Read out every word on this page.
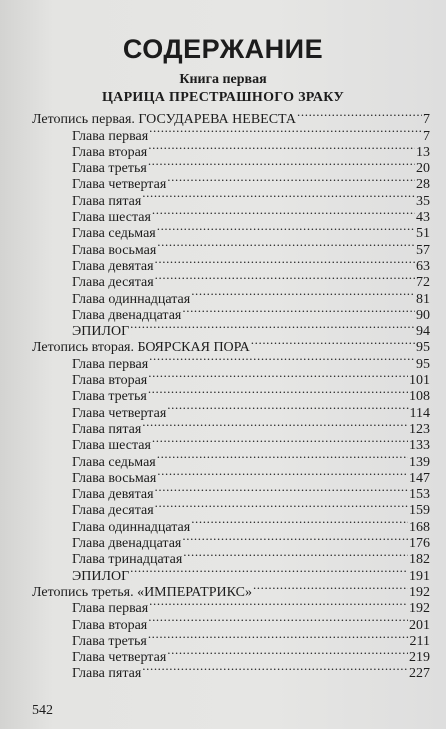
СОДЕРЖАНИЕ
Книга первая
ЦАРИЦА ПРЕСТРАШНОГО ЗРАКУ
Летопись первая. ГОСУДАРЕВА НЕВЕСТА .....	7
Глава первая .....	7
Глава вторая .....	13
Глава третья .....	20
Глава четвертая .....	28
Глава пятая .....	35
Глава шестая .....	43
Глава седьмая .....	51
Глава восьмая .....	57
Глава девятая .....	63
Глава десятая .....	72
Глава одиннадцатая .....	81
Глава двенадцатая .....	90
ЭПИЛОГ .....	94
Летопись вторая. БОЯРСКАЯ ПОРА .....	95
Глава первая .....	95
Глава вторая .....	101
Глава третья .....	108
Глава четвертая .....	114
Глава пятая .....	123
Глава шестая .....	133
Глава седьмая .....	139
Глава восьмая .....	147
Глава девятая .....	153
Глава десятая .....	159
Глава одиннадцатая .....	168
Глава двенадцатая .....	176
Глава тринадцатая .....	182
ЭПИЛОГ .....	191
Летопись третья. «ИМПЕРАТРИКС» .....	192
Глава первая .....	192
Глава вторая .....	201
Глава третья .....	211
Глава четвертая .....	219
Глава пятая .....	227
542
